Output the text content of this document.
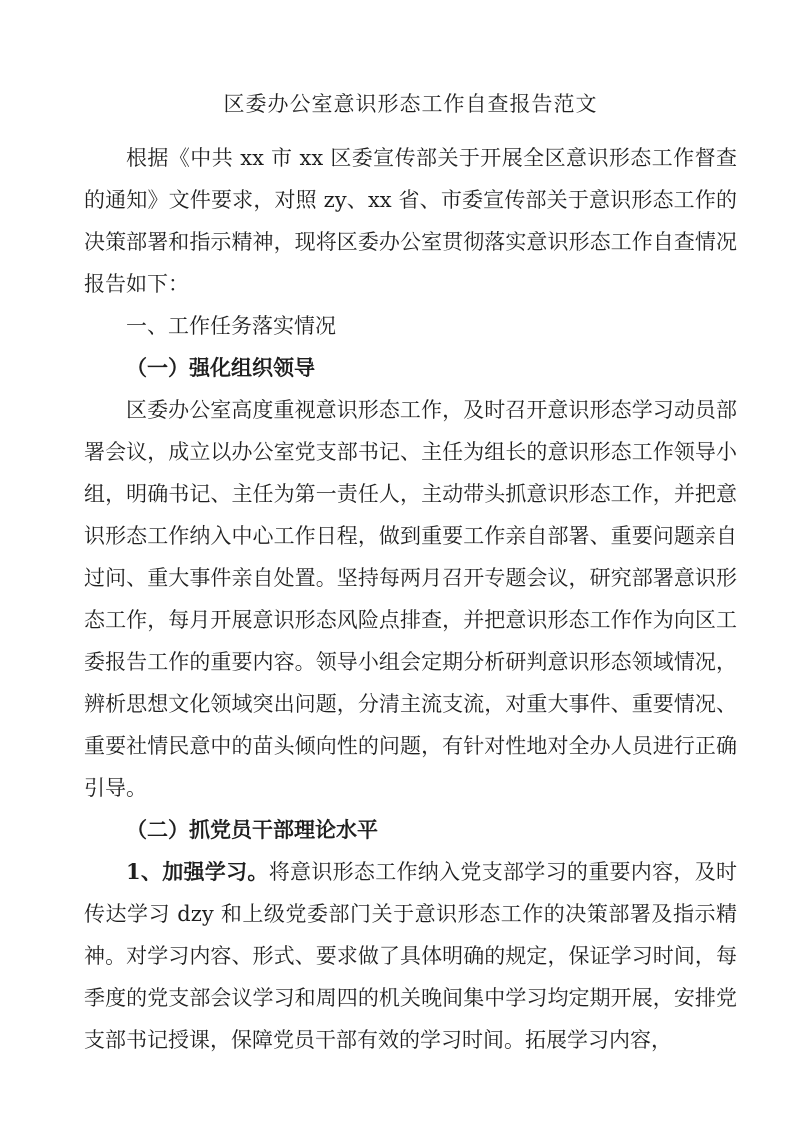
区委办公室意识形态工作自查报告范文

根据《中共 xx 市 xx 区委宣传部关于开展全区意识形态工作督查的通知》文件要求，对照 zy、xx 省、市委宣传部关于意识形态工作的决策部署和指示精神，现将区委办公室贯彻落实意识形态工作自查情况报告如下：

一、工作任务落实情况

（一）强化组织领导

区委办公室高度重视意识形态工作，及时召开意识形态学习动员部署会议，成立以办公室党支部书记、主任为组长的意识形态工作领导小组，明确书记、主任为第一责任人，主动带头抓意识形态工作，并把意识形态工作纳入中心工作日程，做到重要工作亲自部署、重要问题亲自过问、重大事件亲自处置。坚持每两月召开专题会议，研究部署意识形态工作，每月开展意识形态风险点排查，并把意识形态工作作为向区工委报告工作的重要内容。领导小组会定期分析研判意识形态领域情况，辨析思想文化领域突出问题，分清主流支流，对重大事件、重要情况、重要社情民意中的苗头倾向性的问题，有针对性地对全办人员进行正确引导。

（二）抓党员干部理论水平

1、加强学习。将意识形态工作纳入党支部学习的重要内容，及时传达学习 dzy 和上级党委部门关于意识形态工作的决策部署及指示精神。对学习内容、形式、要求做了具体明确的规定，保证学习时间，每季度的党支部会议学习和周四的机关晚间集中学习均定期开展，安排党支部书记授课，保障党员干部有效的学习时间。拓展学习内容，
